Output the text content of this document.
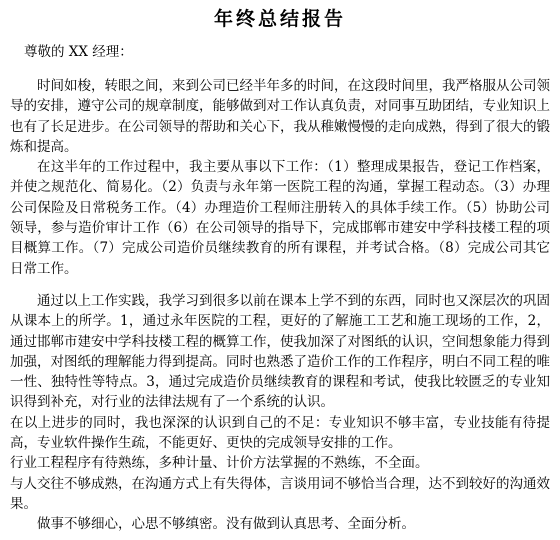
年终总结报告
尊敬的 XX 经理：

时间如梭，转眼之间，来到公司已经半年多的时间，在这段时间里，我严格服从公司领导的安排，遵守公司的规章制度，能够做到对工作认真负责，对同事互助团结，专业知识上也有了长足进步。在公司领导的帮助和关心下，我从稚嫩慢慢的走向成熟，得到了很大的锻炼和提高。

在这半年的工作过程中，我主要从事以下工作：（1）整理成果报告，登记工作档案，并使之规范化、简易化。（2）负责与永年第一医院工程的沟通，掌握工程动态。（3）办理公司保险及日常税务工作。（4）办理造价工程师注册转入的具体手续工作。（5）协助公司领导，参与造价审计工作（6）在公司领导的指导下，完成邯郸市建安中学科技楼工程的项目概算工作。（7）完成公司造价员继续教育的所有课程，并考试合格。（8）完成公司其它日常工作。

通过以上工作实践，我学习到很多以前在课本上学不到的东西，同时也又深层次的巩固从课本上的所学。1，通过永年医院的工程，更好的了解施工工艺和施工现场的工作，2，通过邯郸市建安中学科技楼工程的概算工作，使我加深了对图纸的认识，空间想象能力得到加强，对图纸的理解能力得到提高。同时也熟悉了造价工作的工作程序，明白不同工程的唯一性、独特性等特点。3，通过完成造价员继续教育的课程和考试，使我比较匮乏的专业知识得到补充，对行业的法律法规有了一个系统的认识。

在以上进步的同时，我也深深的认识到自己的不足：专业知识不够丰富，专业技能有待提高，专业软件操作生疏，不能更好、更快的完成领导安排的工作。

行业工程程序有待熟练，多种计量、计价方法掌握的不熟练，不全面。

与人交往不够成熟，在沟通方式上有失得体，言谈用词不够恰当合理，达不到较好的沟通效果。

做事不够细心，心思不够缜密。没有做到认真思考、全面分析。
